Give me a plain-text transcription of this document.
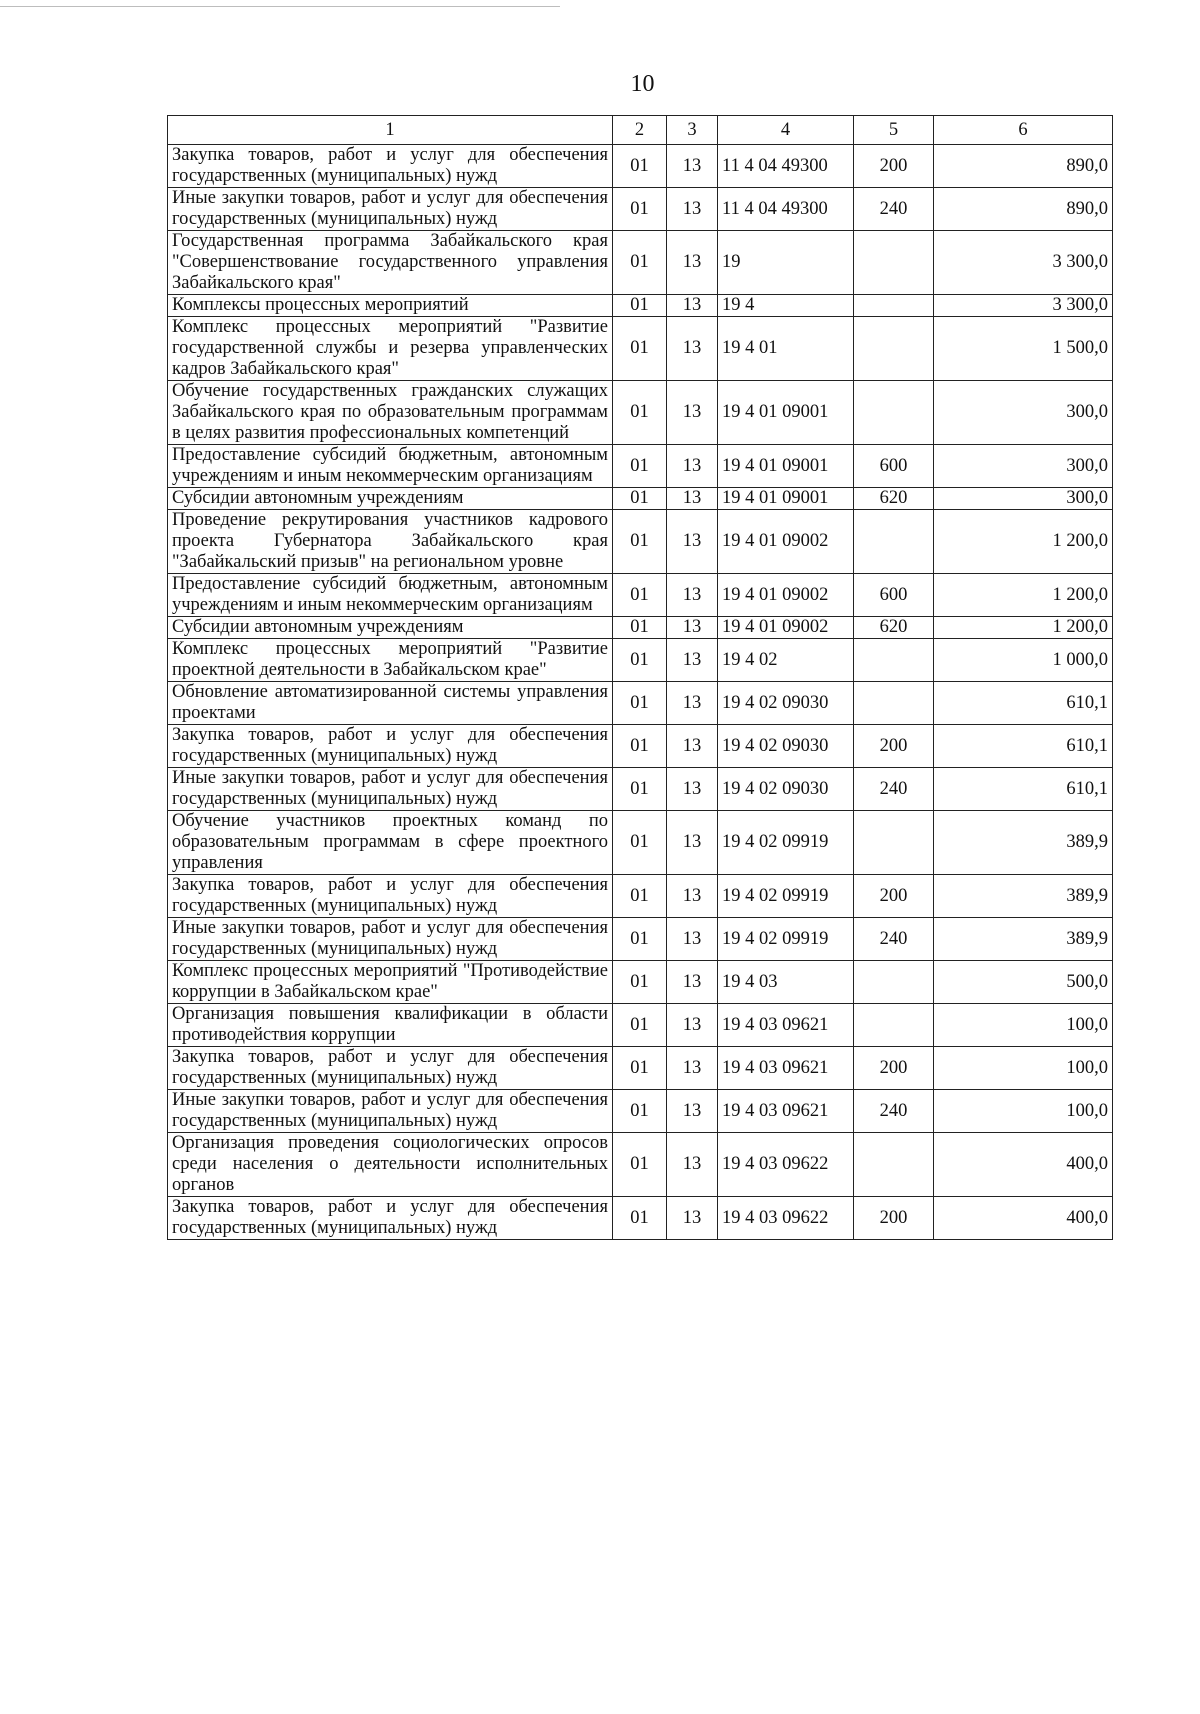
10
1	2	3	4	5	6
Закупка товаров, работ и услуг для обеспечения государственных (муниципальных) нужд	01	13	11 4 04 49300	200	890,0
Иные закупки товаров, работ и услуг для обеспечения государственных (муниципальных) нужд	01	13	11 4 04 49300	240	890,0
Государственная программа Забайкальского края "Совершенствование государственного управления Забайкальского края"	01	13	19		3 300,0
Комплексы процессных мероприятий	01	13	19 4		3 300,0
Комплекс процессных мероприятий "Развитие государственной службы и резерва управленческих кадров Забайкальского края"	01	13	19 4 01		1 500,0
Обучение государственных гражданских служащих Забайкальского края по образовательным программам в целях развития профессиональных компетенций	01	13	19 4 01 09001		300,0
Предоставление субсидий бюджетным, автономным учреждениям и иным некоммерческим организациям	01	13	19 4 01 09001	600	300,0
Субсидии автономным учреждениям	01	13	19 4 01 09001	620	300,0
Проведение рекрутирования участников кадрового проекта Губернатора Забайкальского края "Забайкальский призыв" на региональном уровне	01	13	19 4 01 09002		1 200,0
Предоставление субсидий бюджетным, автономным учреждениям и иным некоммерческим организациям	01	13	19 4 01 09002	600	1 200,0
Субсидии автономным учреждениям	01	13	19 4 01 09002	620	1 200,0
Комплекс процессных мероприятий "Развитие проектной деятельности в Забайкальском крае"	01	13	19 4 02		1 000,0
Обновление автоматизированной системы управления проектами	01	13	19 4 02 09030		610,1
Закупка товаров, работ и услуг для обеспечения государственных (муниципальных) нужд	01	13	19 4 02 09030	200	610,1
Иные закупки товаров, работ и услуг для обеспечения государственных (муниципальных) нужд	01	13	19 4 02 09030	240	610,1
Обучение участников проектных команд по образовательным программам в сфере проектного управления	01	13	19 4 02 09919		389,9
Закупка товаров, работ и услуг для обеспечения государственных (муниципальных) нужд	01	13	19 4 02 09919	200	389,9
Иные закупки товаров, работ и услуг для обеспечения государственных (муниципальных) нужд	01	13	19 4 02 09919	240	389,9
Комплекс процессных мероприятий "Противодействие коррупции в Забайкальском крае"	01	13	19 4 03		500,0
Организация повышения квалификации в области противодействия коррупции	01	13	19 4 03 09621		100,0
Закупка товаров, работ и услуг для обеспечения государственных (муниципальных) нужд	01	13	19 4 03 09621	200	100,0
Иные закупки товаров, работ и услуг для обеспечения государственных (муниципальных) нужд	01	13	19 4 03 09621	240	100,0
Организация проведения социологических опросов среди населения о деятельности исполнительных органов	01	13	19 4 03 09622		400,0
Закупка товаров, работ и услуг для обеспечения государственных (муниципальных) нужд	01	13	19 4 03 09622	200	400,0
